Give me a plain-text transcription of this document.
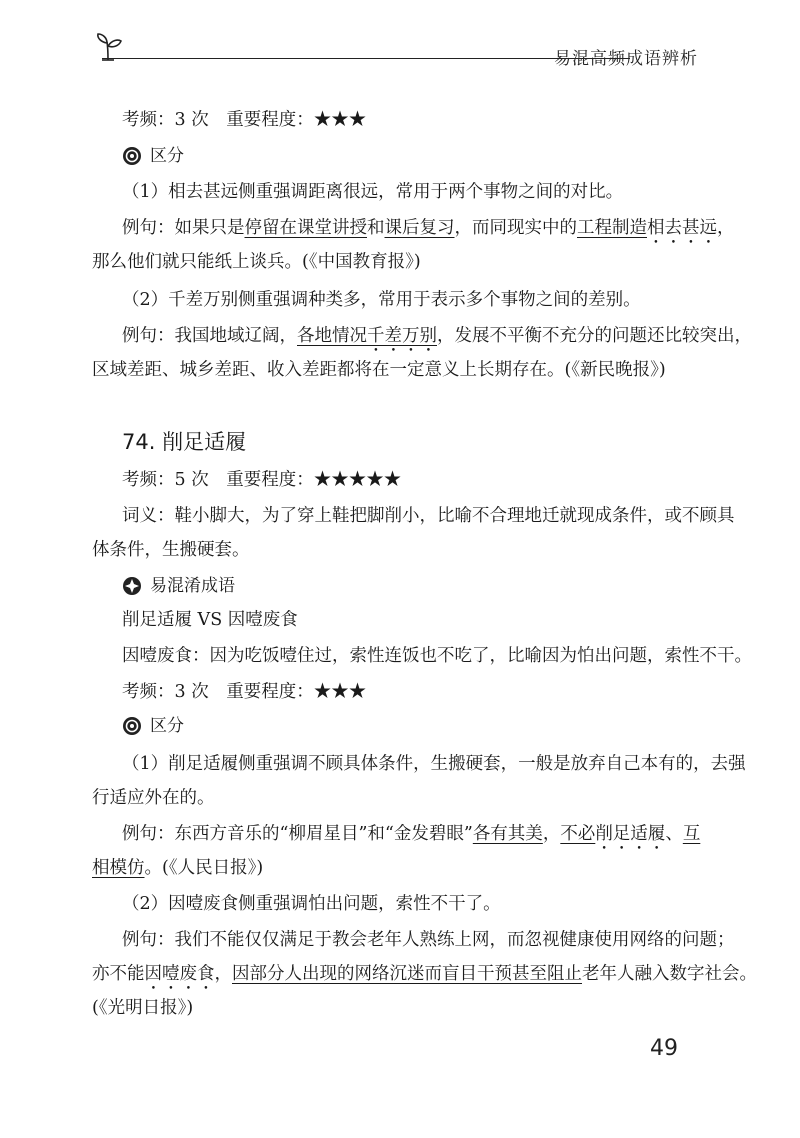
易混高频成语辨析
考频：3 次　重要程度：★★★
区分
（1）相去甚远侧重强调距离很远，常用于两个事物之间的对比。
例句：如果只是停留在课堂讲授和课后复习，而同现实中的工程制造相去甚远，
那么他们就只能纸上谈兵。(《中国教育报》)
（2）千差万别侧重强调种类多，常用于表示多个事物之间的差别。
例句：我国地域辽阔，各地情况千差万别，发展不平衡不充分的问题还比较突出，
区域差距、城乡差距、收入差距都将在一定意义上长期存在。(《新民晚报》)
74. 削足适履
考频：5 次　重要程度：★★★★★
词义：鞋小脚大，为了穿上鞋把脚削小，比喻不合理地迁就现成条件，或不顾具
体条件，生搬硬套。
易混淆成语
削足适履 VS 因噎废食
因噎废食：因为吃饭噎住过，索性连饭也不吃了，比喻因为怕出问题，索性不干。
考频：3 次　重要程度：★★★
区分
（1）削足适履侧重强调不顾具体条件，生搬硬套，一般是放弃自己本有的，去强
行适应外在的。
例句：东西方音乐的“柳眉星目”和“金发碧眼”各有其美，不必削足适履、互
相模仿。(《人民日报》)
（2）因噎废食侧重强调怕出问题，索性不干了。
例句：我们不能仅仅满足于教会老年人熟练上网，而忽视健康使用网络的问题；
亦不能因噎废食，因部分人出现的网络沉迷而盲目干预甚至阻止老年人融入数字社会。
(《光明日报》)
49
